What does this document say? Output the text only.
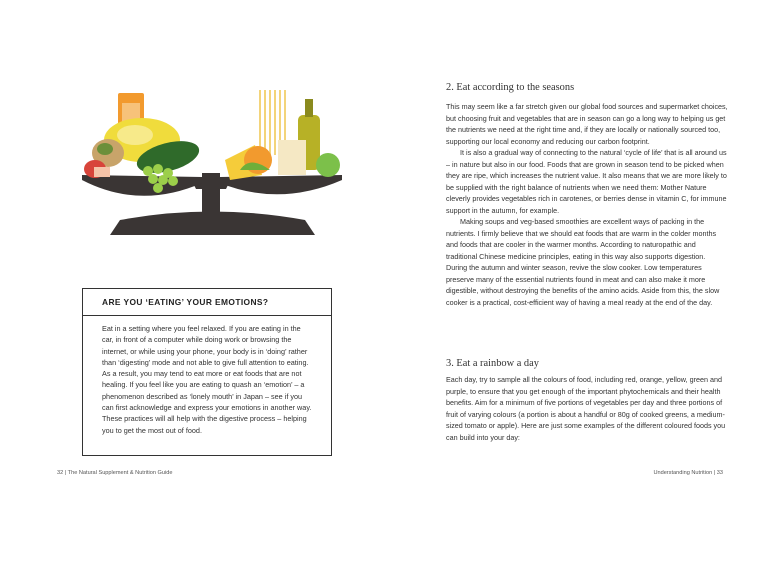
ARE YOU ‘EATING’ YOUR EMOTIONS?
Eat in a setting where you feel relaxed. If you are eating in the car, in front of a computer while doing work or browsing the internet, or while using your phone, your body is in ‘doing’ rather than ‘digesting’ mode and not able to give full attention to eating. As a result, you may tend to eat more or eat foods that are not healing. If you feel like you are eating to quash an ‘emotion’ – a phenomenon described as ‘lonely mouth’ in Japan – see if you can first acknowledge and express your emotions in another way. These practices will all help with the digestive process – helping you to get the most out of food.
32 | The Natural Supplement & Nutrition Guide
2. Eat according to the seasons

This may seem like a far stretch given our global food sources and supermarket choices, but choosing fruit and vegetables that are in season can go a long way to helping us get the nutrients we need at the right time and, if they are locally or nationally sourced too, supporting our local economy and reducing our carbon footprint.

It is also a gradual way of connecting to the natural ‘cycle of life’ that is all around us – in nature but also in our food. Foods that are grown in season tend to be picked when they are ripe, which increases the nutrient value. It also means that we are more likely to be supplied with the right balance of nutrients when we need them: Mother Nature cleverly provides vegetables rich in carotenes, or berries dense in vitamin C, for immune support in the autumn, for example.

Making soups and veg-based smoothies are excellent ways of packing in the nutrients. I firmly believe that we should eat foods that are warm in the colder months and foods that are cooler in the warmer months. According to naturopathic and traditional Chinese medicine principles, eating in this way also supports digestion.

During the autumn and winter season, revive the slow cooker. Low temperatures preserve many of the essential nutrients found in meat and can also make it more digestible, without destroying the benefits of the amino acids. Aside from this, the slow cooker is a practical, cost-efficient way of having a meal ready at the end of the day.

3. Eat a rainbow a day

Each day, try to sample all the colours of food, including red, orange, yellow, green and purple, to ensure that you get enough of the important phytochemicals and their health benefits. Aim for a minimum of five portions of vegetables per day and three portions of fruit of varying colours (a portion is about a handful or 80g of cooked greens, a medium-sized tomato or apple). Here are just some examples of the different coloured foods you can build into your day:

Understanding Nutrition | 33
